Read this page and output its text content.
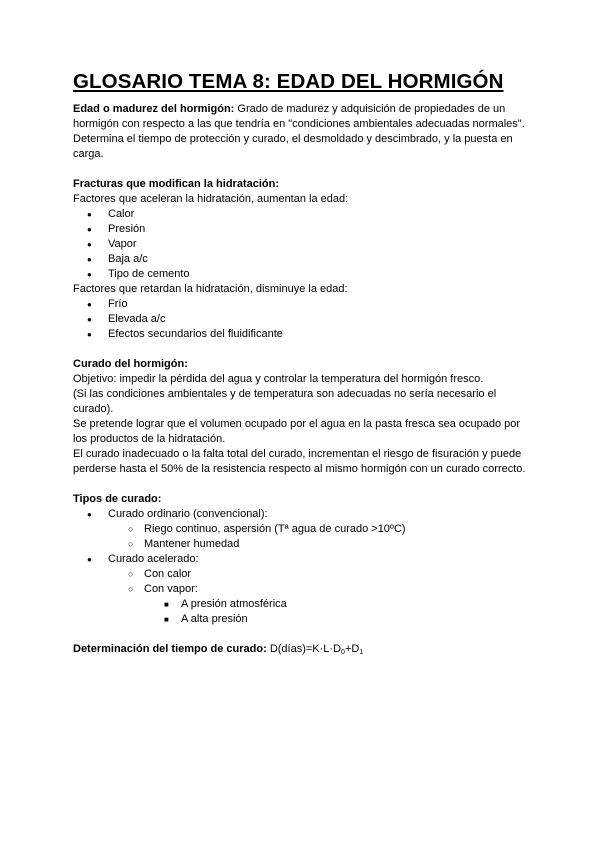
GLOSARIO TEMA 8: EDAD DEL HORMIGÓN

Edad o madurez del hormigón: Grado de madurez y adquisición de propiedades de un hormigón con respecto a las que tendría en "condiciones ambientales adecuadas normales". Determina el tiempo de protección y curado, el desmoldado y descimbrado, y la puesta en carga.

Fracturas que modifican la hidratación:

Factores que aceleran la hidratación, aumentan la edad:

● Calor
● Presión
● Vapor
● Baja a/c
● Tipo de cemento

Factores que retardan la hidratación, disminuye la edad:

● Frío
● Elevada a/c
● Efectos secundarios del fluidificante

Curado del hormigón:

Objetivo: impedir la pérdida del agua y controlar la temperatura del hormigón fresco.

(Si las condiciones ambientales y de temperatura son adecuadas no sería necesario el curado).

Se pretende lograr que el volumen ocupado por el agua en la pasta fresca sea ocupado por los productos de la hidratación.

El curado inadecuado o la falta total del curado, incrementan el riesgo de fisuración y puede perderse hasta el 50% de la resistencia respecto al mismo hormigón con un curado correcto.

Tipos de curado:

● Curado ordinario (convencional):
○ Riego continuo, aspersión (Tª agua de curado >10ºC)
○ Mantener humedad
● Curado acelerado:
○ Con calor
○ Con vapor:
■ A presión atmosférica
■ A alta presión

Determinación del tiempo de curado: $D(días)=K\cdot L\cdot D_0+D_1$
